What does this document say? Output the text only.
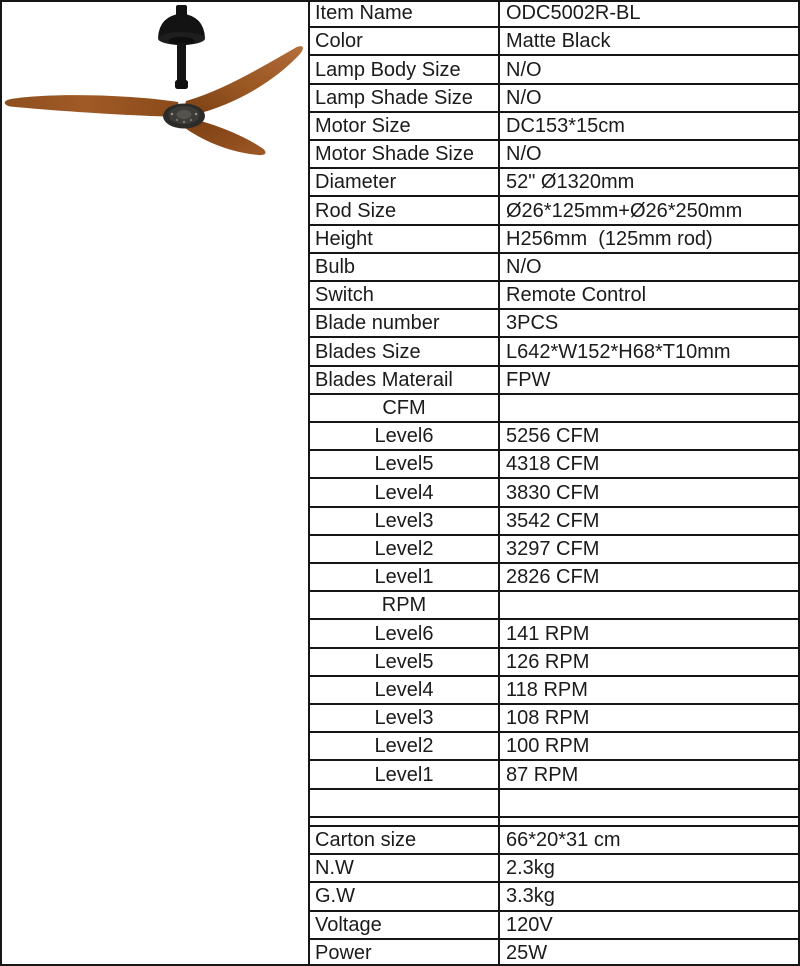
Item Name	ODC5002R-BL
Color	Matte Black
Lamp Body Size	N/O
Lamp Shade Size	N/O
Motor Size	DC153*15cm
Motor Shade Size	N/O
Diameter	52" Ø1320mm
Rod Size	Ø26*125mm+Ø26*250mm
Height	H256mm  (125mm rod)
Bulb	N/O
Switch	Remote Control
Blade number	3PCS
Blades Size	L642*W152*H68*T10mm
Blades Materail	FPW
CFM
Level6	5256 CFM
Level5	4318 CFM
Level4	3830 CFM
Level3	3542 CFM
Level2	3297 CFM
Level1	2826 CFM
RPM
Level6	141 RPM
Level5	126 RPM
Level4	118 RPM
Level3	108 RPM
Level2	100 RPM
Level1	87 RPM
Carton size	66*20*31 cm
N.W	2.3kg
G.W	3.3kg
Voltage	120V
Power	25W
